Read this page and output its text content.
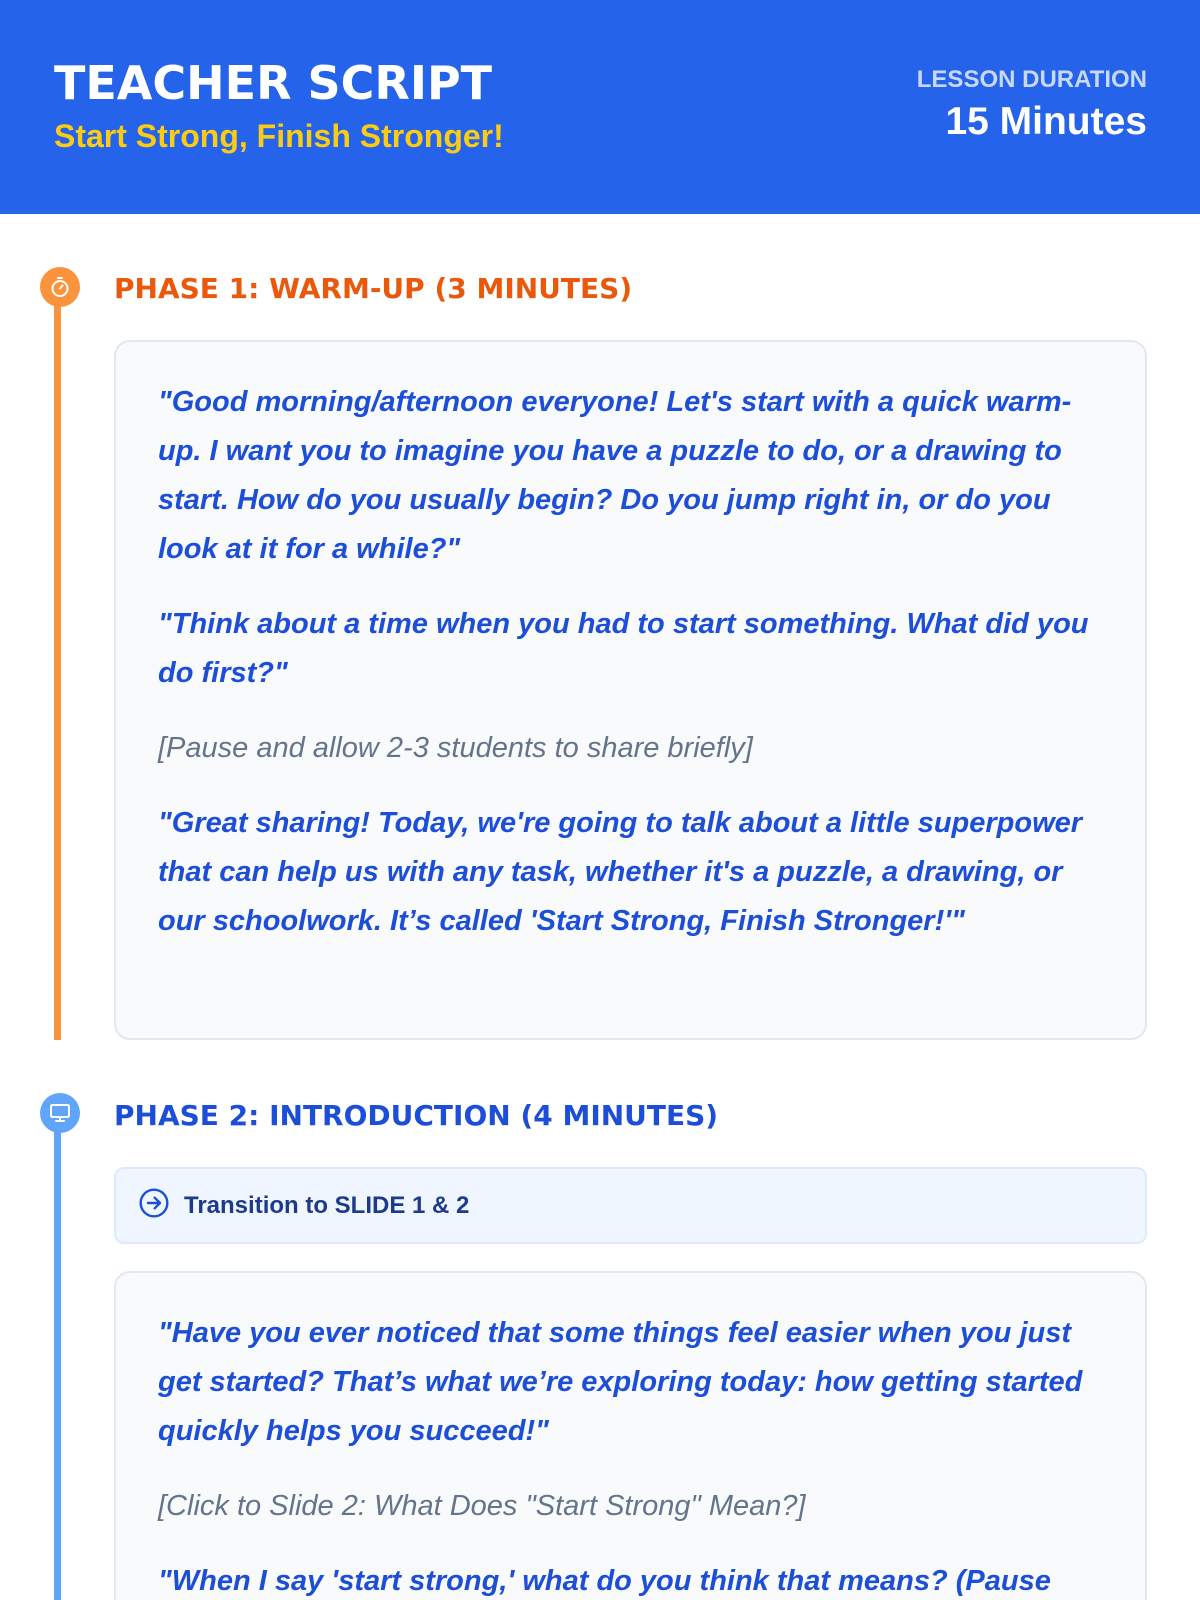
TEACHER SCRIPT
Start Strong, Finish Stronger!
LESSON DURATION
15 Minutes
PHASE 1: WARM-UP (3 MINUTES)

"Good morning/afternoon everyone! Let's start with a quick warm-up. I want you to imagine you have a puzzle to do, or a drawing to start. How do you usually begin? Do you jump right in, or do you look at it for a while?"

"Think about a time when you had to start something. What did you do first?"

[Pause and allow 2-3 students to share briefly]

"Great sharing! Today, we're going to talk about a little superpower that can help us with any task, whether it's a puzzle, a drawing, or our schoolwork. It’s called 'Start Strong, Finish Stronger!'"

PHASE 2: INTRODUCTION (4 MINUTES)
Transition to SLIDE 1 & 2

"Have you ever noticed that some things feel easier when you just get started? That’s what we’re exploring today: how getting started quickly helps you succeed!"

[Click to Slide 2: What Does "Start Strong" Mean?]

"When I say 'start strong,' what do you think that means? (Pause
